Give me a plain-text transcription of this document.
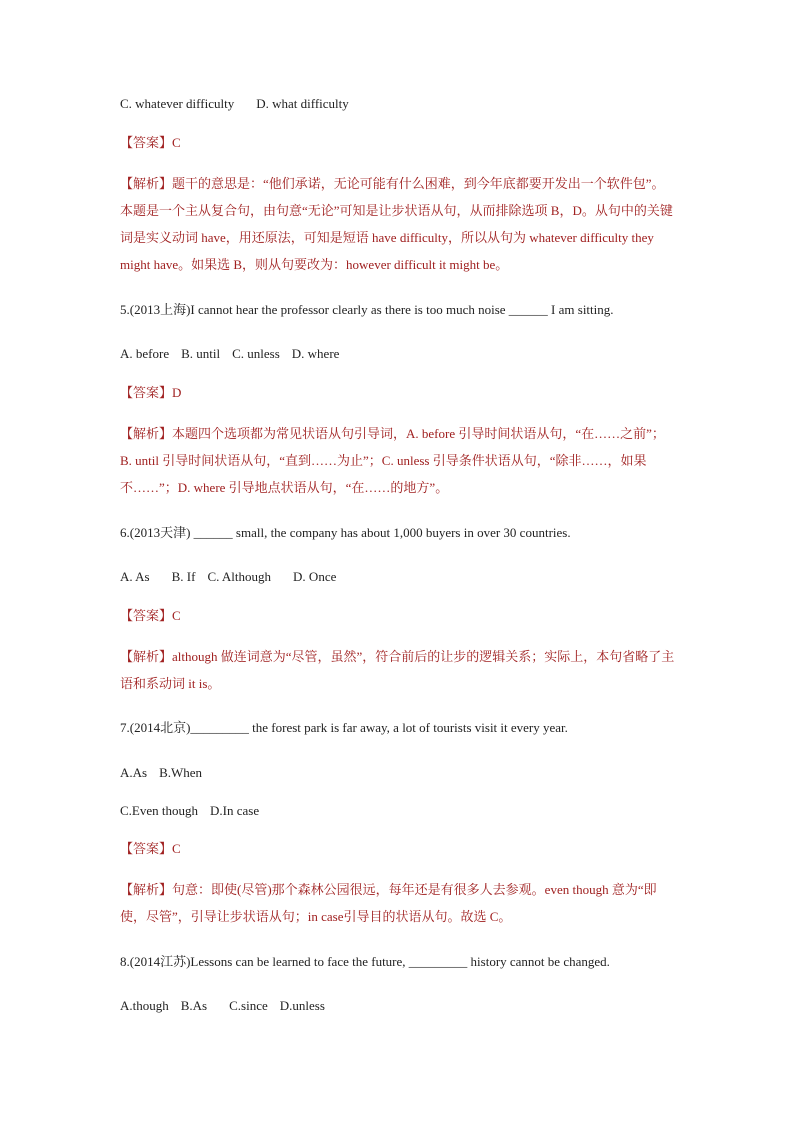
C. whatever difficulty D. what difficulty
【答案】C
【解析】题干的意思是：“他们承诺，无论可能有什么困难，到今年底都要开发出一个软件包”。本题是一个主从复合句，由句意“无论”可知是让步状语从句，从而排除选项 B，D。从句中的关键词是实义动词 have，用还原法，可知是短语 have difficulty，所以从句为 whatever difficulty they might have。如果选 B，则从句要改为：however difficult it might be。
5.(2013上海)I cannot hear the professor clearly as there is too much noise ______ I am sitting.
A. before B. until C. unless D. where
【答案】D
【解析】本题四个选项都为常见状语从句引导词，A. before 引导时间状语从句，“在……之前”；B. until 引导时间状语从句，“直到……为止”；C. unless 引导条件状语从句，“除非……，如果不……”；D. where 引导地点状语从句，“在……的地方”。
6.(2013天津) ______ small, the company has about 1,000 buyers in over 30 countries.
A. As B. If C. Although D. Once
【答案】C
【解析】although 做连词意为“尽管，虽然”，符合前后的让步的逻辑关系；实际上，本句省略了主语和系动词 it is。
7.(2014北京)_________ the forest park is far away, a lot of tourists visit it every year.
A.As B.When
C.Even though D.In case
【答案】C
【解析】句意：即使(尽管)那个森林公园很远，每年还是有很多人去参观。even though 意为“即使，尽管”，引导让步状语从句；in case引导目的状语从句。故选 C。
8.(2014江苏)Lessons can be learned to face the future, _________ history cannot be changed.
A.though B.As C.since D.unless
